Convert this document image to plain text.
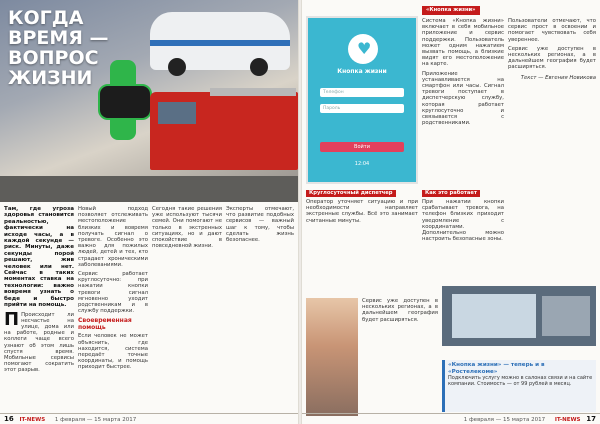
КОГДА ВРЕМЯ — ВОПРОС ЖИЗНИ
Там, где угроза здоровья становится реальностью, фактически на исходе часы, а в каждой секунде — риск. Минуты, даже секунды порой решают, жив человек или нет. Сейчас в таких моментах ставка на технологии: важно вовремя узнать о беде и быстро прийти на помощь.
П Происходит ли несчастье на улице, дома или на работе, родные и коллеги чаще всего узнают об этом лишь спустя время. Мобильные сервисы помогают сократить этот разрыв.
Новый подход позволяет отслеживать местоположение близких и вовремя получать сигнал о тревоге. Особенно это важно для пожилых людей, детей и тех, кто страдает хроническими заболеваниями.
Сервис работает круглосуточно: при нажатии кнопки тревоги сигнал мгновенно уходит родственникам и в службу поддержки.
Своевременная помощь
Если человек не может объяснить, где находится, система передаёт точные координаты, и помощь приходит быстрее.
Сегодня такие решения уже используют тысячи семей. Они помогают не только в экстренных ситуациях, но и дают спокойствие в повседневной жизни.
Эксперты отмечают, что развитие подобных сервисов — важный шаг к тому, чтобы сделать жизнь безопаснее.
16 IT-NEWS 1 февраля — 15 марта 2017
♥
Кнопка жизни
Телефон
Пароль
Войти
12:04
«Кнопка жизни»
Система «Кнопка жизни» включает в себя мобильное приложение и сервис поддержки. Пользователь может одним нажатием вызвать помощь, а близкие видят его местоположение на карте.
Приложение устанавливается на смартфон или часы. Сигнал тревоги поступает в диспетчерскую службу, которая работает круглосуточно и связывается с родственниками.
Круглосуточный диспетчер
Оператор уточняет ситуацию и при необходимости направляет экстренные службы. Всё это занимает считанные минуты.
Как это работает
При нажатии кнопки срабатывает тревога, на телефон близких приходит уведомление с координатами. Дополнительно можно настроить безопасные зоны.
Пользователи отмечают, что сервис прост в освоении и помогает чувствовать себя увереннее.
Сервис уже доступен в нескольких регионах, а в дальнейшем география будет расширяться.
Текст — Евгения Новикова
Сервис уже доступен в нескольких регионах, а в дальнейшем география будет расширяться.
«Кнопка жизни» — теперь и в «Ростелекоме»
Подключить услугу можно в салонах связи и на сайте компании. Стоимость — от 99 рублей в месяц.
1 февраля — 15 марта 2017 IT-NEWS 17
